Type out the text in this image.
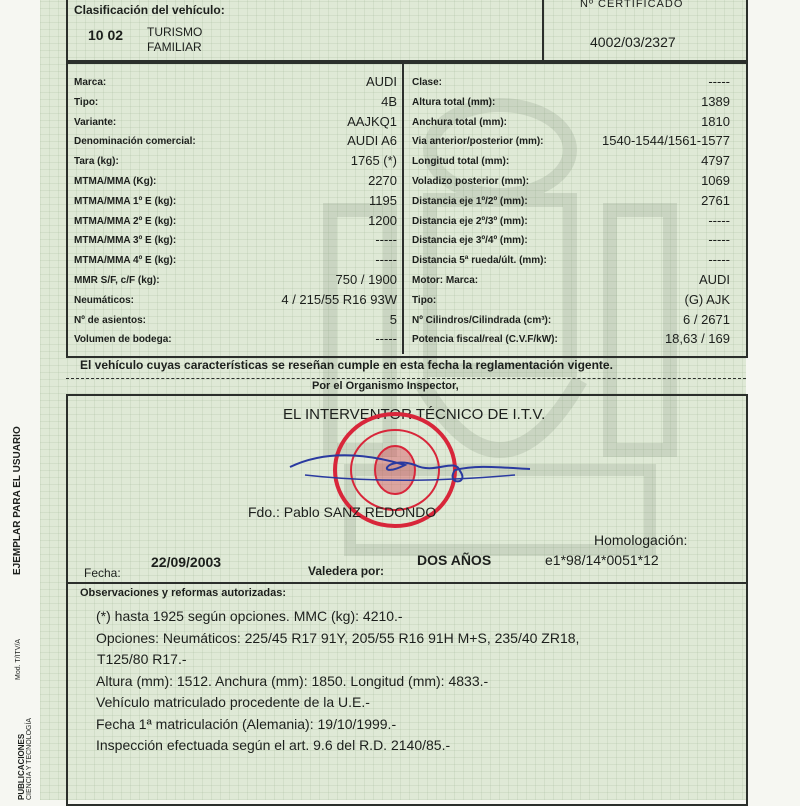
Clasificación del vehículo:
10 02 TURISMO
FAMILIAR
Nº CERTIFICADO
4002/03/2327
Marca:	AUDI
Tipo:	4B
Variante:	AAJKQ1
Denominación comercial:	AUDI A6
Tara (kg):	1765 (*)
MTMA/MMA (Kg):	2270
MTMA/MMA 1º E (kg):	1195
MTMA/MMA 2º E (kg):	1200
MTMA/MMA 3º E (kg):	-----
MTMA/MMA 4º E (kg):	-----
MMR S/F, c/F (kg):	750 / 1900
Neumáticos:	4 / 215/55 R16 93W
Nº de asientos:	5
Volumen de bodega:	-----
Clase:	-----
Altura total (mm):	1389
Anchura total (mm):	1810
Via anterior/posterior (mm):	1540-1544/1561-1577
Longitud total (mm):	4797
Voladizo posterior (mm):	1069
Distancia eje 1º/2º (mm):	2761
Distancia eje 2º/3º (mm):	-----
Distancia eje 3º/4º (mm):	-----
Distancia 5ª rueda/últ. (mm):	-----
Motor: Marca:	AUDI
Tipo:	(G) AJK
Nº Cilindros/Cilindrada (cm³):	6 / 2671
Potencia fiscal/real (C.V.F/kW):	18,63 / 169
El vehículo cuyas características se reseñan cumple en esta fecha la reglamentación vigente.
Por el Organismo Inspector,
EL INTERVENTOR TÉCNICO DE I.T.V.
Fdo.: Pablo SANZ REDONDO
Fecha:
22/09/2003
Valedera por:
DOS AÑOS
Homologación:
e1*98/14*0051*12
Observaciones y reformas autorizadas:
(*) hasta 1925 según opciones. MMC (kg): 4210.-
Opciones: Neumáticos: 225/45 R17 91Y, 205/55 R16 91H M+S, 235/40 ZR18,
T125/80 R17.-
Altura (mm): 1512. Anchura (mm): 1850. Longitud (mm): 4833.-
Vehículo matriculado procedente de la U.E.-
Fecha 1ª matriculación (Alemania): 19/10/1999.-
Inspección efectuada según el art. 9.6 del R.D. 2140/85.-
EJEMPLAR PARA EL USUARIO
Mod. T/ITV/A
PUBLICACIONES CIENCIA Y TECNOLOGÍA
